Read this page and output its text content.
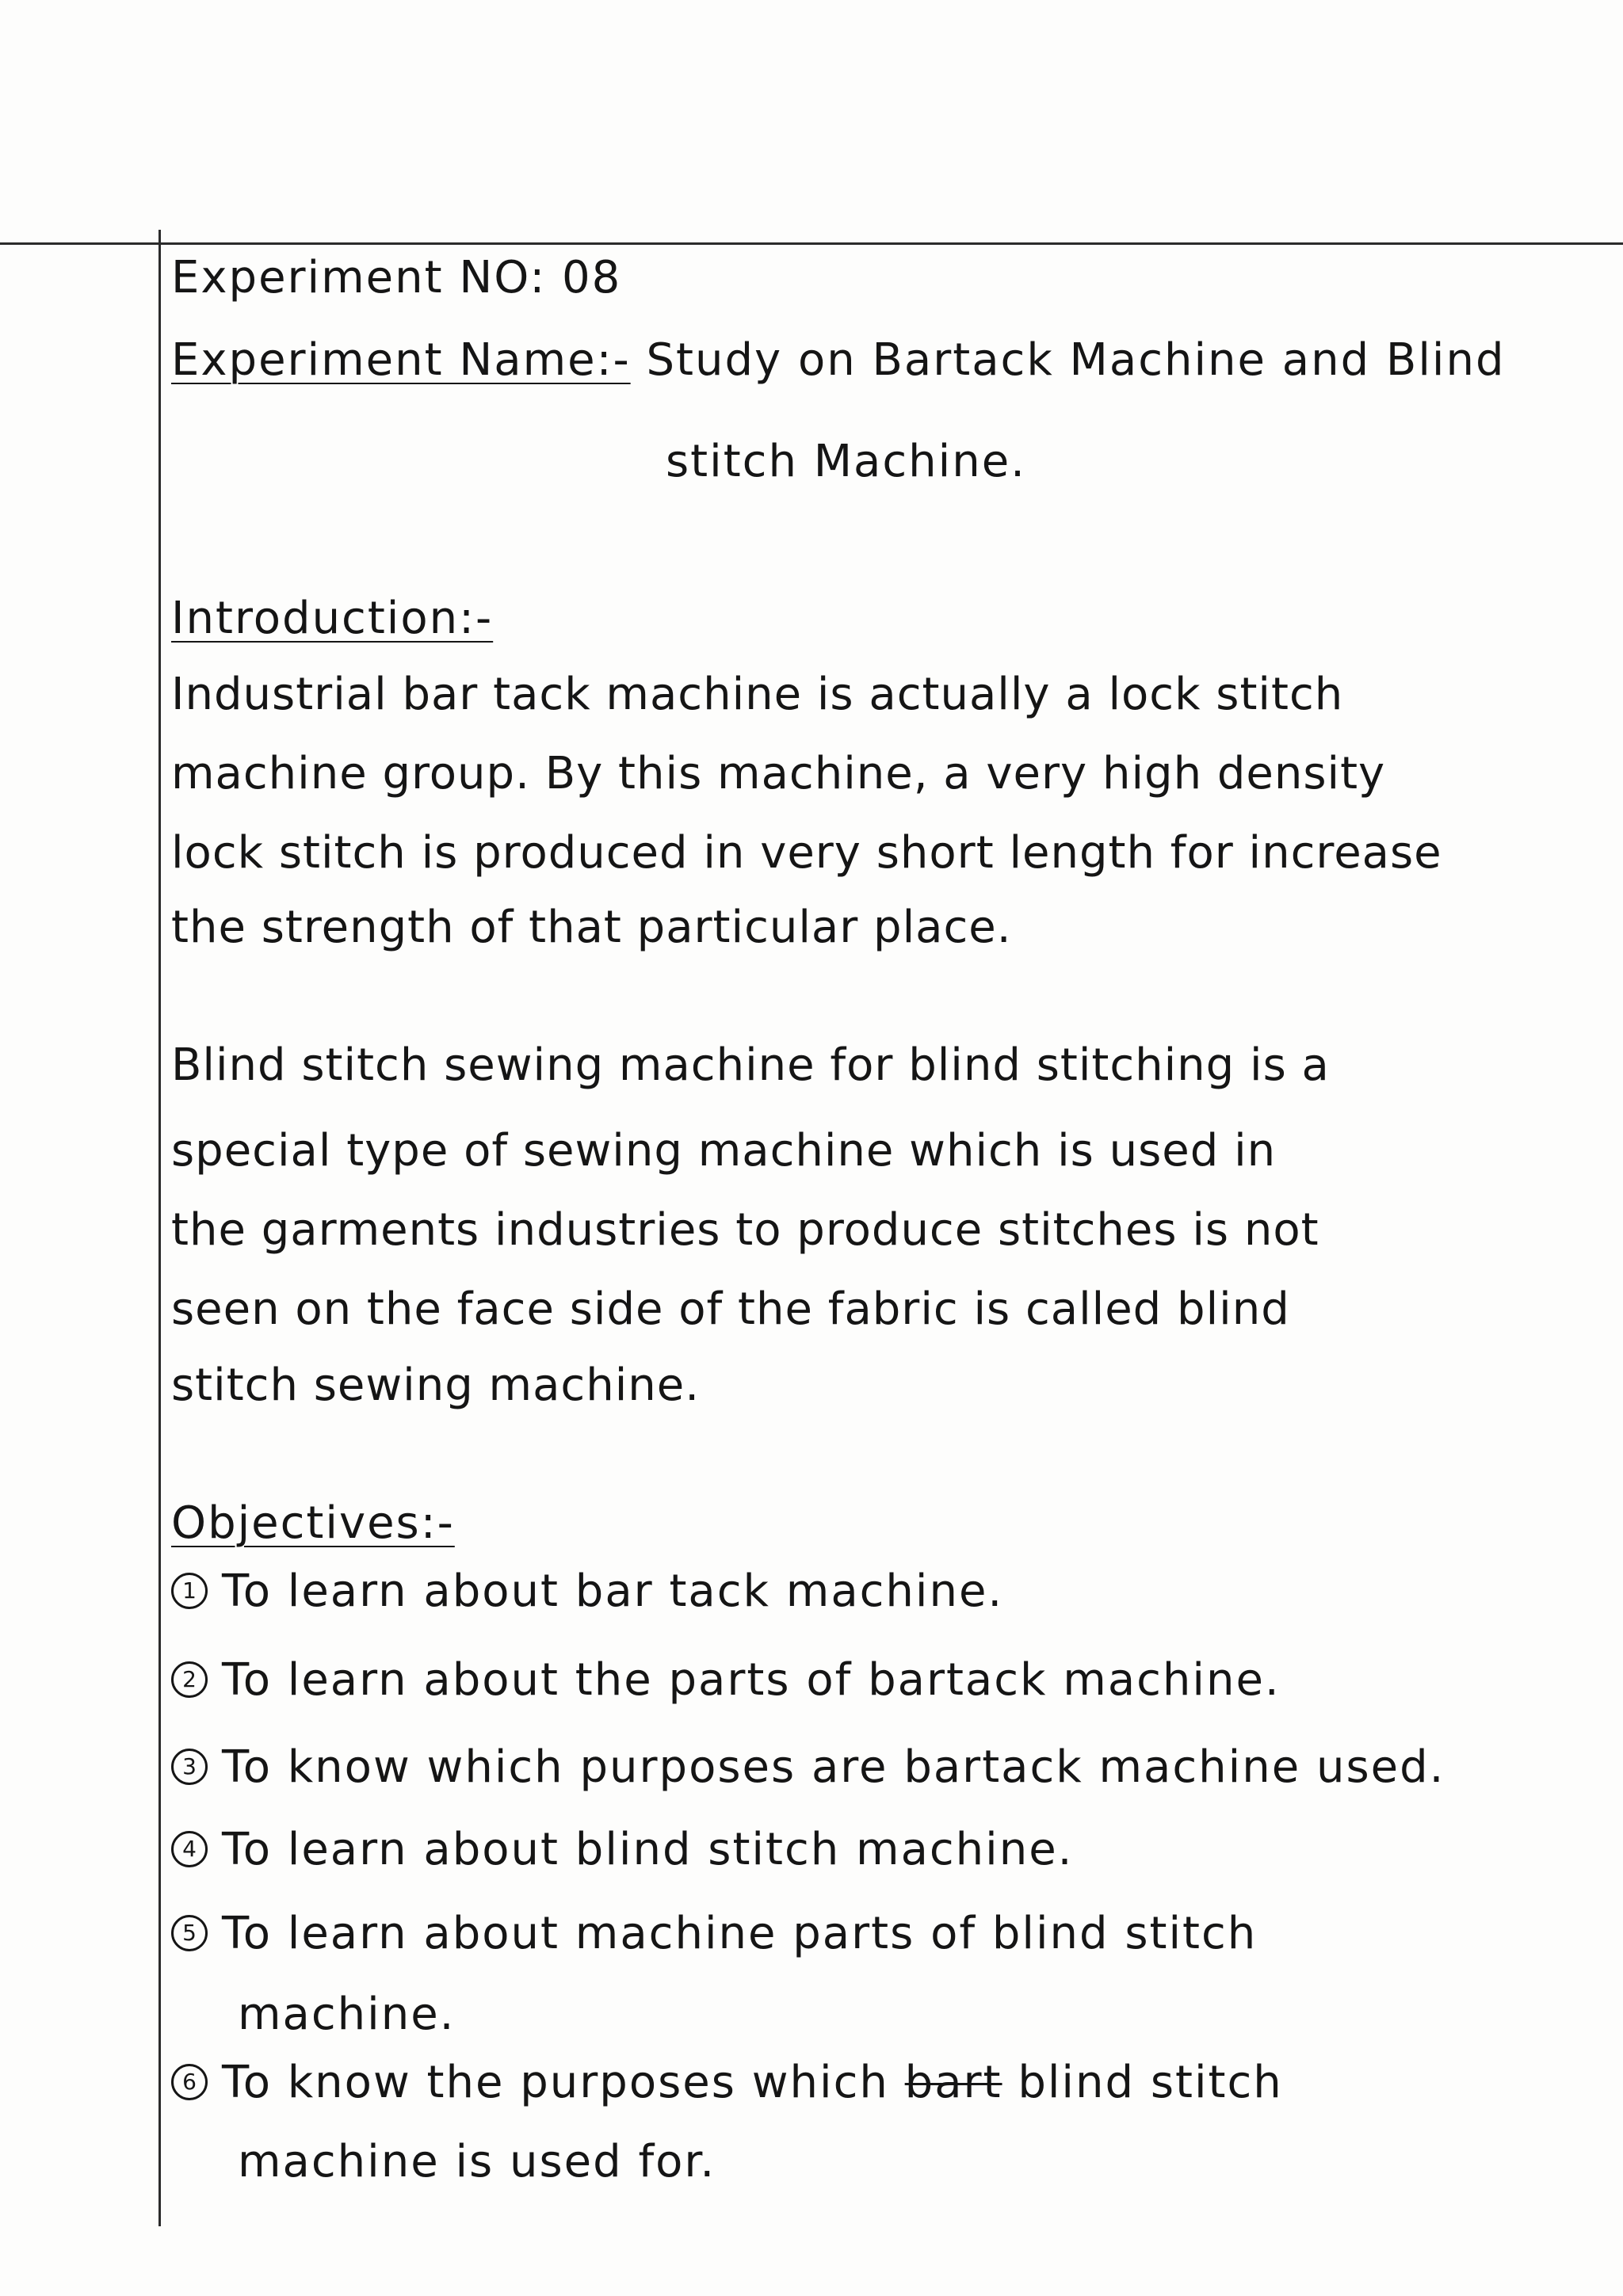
Experiment NO: 08
Experiment Name:- Study on Bartack Machine and Blind
stitch Machine.
Introduction:-
Industrial bar tack machine is actually a lock stitch
machine group. By this machine, a very high density
lock stitch is produced in very short length for increase
the strength of that particular place.
Blind stitch sewing machine for blind stitching is a
special type of sewing machine which is used in
the garments industries to produce stitches is not
seen on the face side of the fabric is called blind
stitch sewing machine.
Objectives:-
1 To learn about bar tack machine.
2 To learn about the parts of bartack machine.
3 To know which purposes are bartack machine used.
4 To learn about blind stitch machine.
5 To learn about machine parts of blind stitch
machine.
6 To know the purposes which bart blind stitch
machine is used for.
